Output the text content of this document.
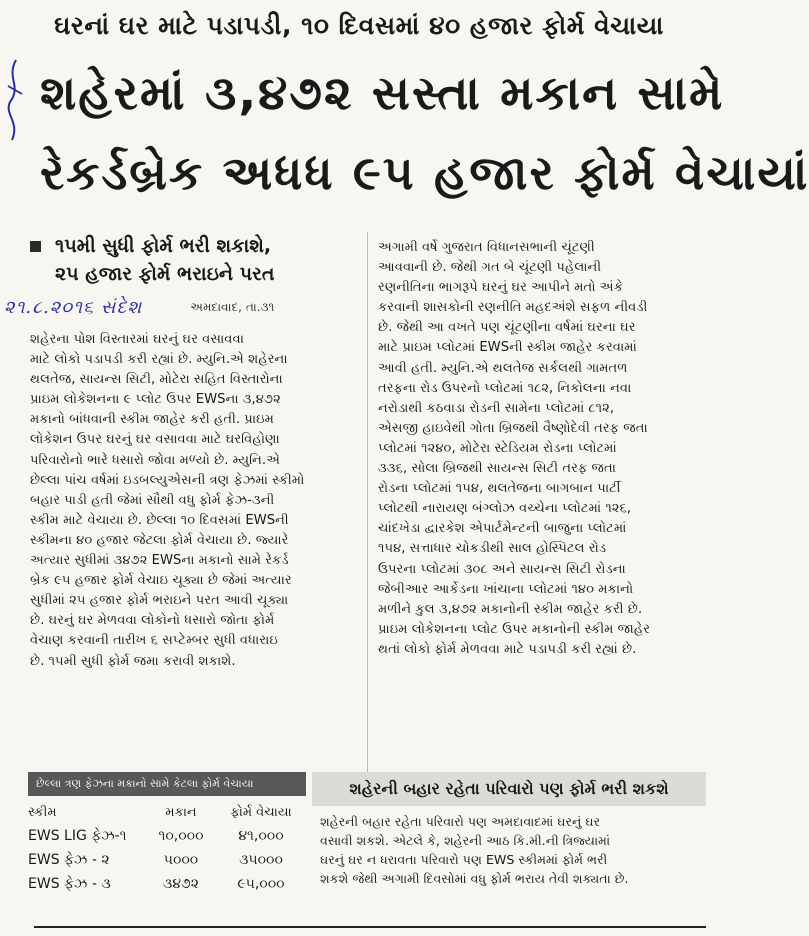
ઘરનાં ઘર માટે પડાપડી, ૧૦ દિવસમાં ૪૦ હજાર ફોર્મ વેચાયા
શહેરમાં ૩,૪૭૨ સસ્તા મકાન સામે
રેકર્ડબ્રેક અધધ ૯૫ હજાર ફોર્મ વેચાયાં
૧૫મી સુધી ફોર્મ ભરી શકાશે,
૨૫ હજાર ફોર્મ ભરાઇને પરત
૨૧.૮.૨૦૧૬ સંદેશ	અમદાવાદ, તા.૩૧
શહેરના પોશ વિસ્તારમાં ઘરનું ઘર વસાવવા
માટે લોકો પડાપડી કરી રહ્યાં છે. મ્યુનિ.એ શહેરના
થલતેજ, સાયન્સ સિટી, મોટેરા સહિત વિસ્તારોના
પ્રાઇમ લોકેશનના ૯ પ્લોટ ઉપર EWSના ૩,૪૭૨
મકાનો બાંધવાની સ્કીમ જાહેર કરી હતી. પ્રાઇમ
લોકેશન ઉપર ઘરનું ઘર વસાવવા માટે ઘરવિહોણા
પરિવારોનો ભારે ધસારો જોવા મળ્યો છે. મ્યુનિ.એ
છેલ્લા પાંચ વર્ષમાં ઇડબલ્યુએસની ત્રણ ફેઝમાં સ્કીમો
બહાર પાડી હતી જેમાં સૌથી વધુ ફોર્મ ફેઝ-૩ની
સ્કીમ માટે વેચાયા છે. છેલ્લા ૧૦ દિવસમાં EWSની
સ્કીમના ૪૦ હજાર જેટલા ફોર્મ વેચાયા છે. જ્યારે
અત્યાર સુધીમાં ૩૪૭૨ EWSના મકાનો સામે રેકર્ડ
બ્રેક ૯૫ હજાર ફોર્મ વેચાઇ ચૂક્યા છે જેમાં અત્યાર
સુધીમાં ૨૫ હજાર ફોર્મ ભરાઇને પરત આવી ચૂક્યા
છે. ઘરનું ઘર મેળવવા લોકોનો ધસારો જોતા ફોર્મ
વેચાણ કરવાની તારીખ ૬ સપ્ટેમ્બર સુધી વધારાઇ
છે. ૧૫મી સુધી ફોર્મ જમા કરાવી શકાશે.
અગામી વર્ષે ગુજરાત વિધાનસભાની ચૂંટણી
આવવાની છે. જેથી ગત બે ચૂંટણી પહેલાની
રણનીતિના ભાગરૂપે ઘરનું ઘર આપીને મતો અંકે
કરવાની શાસકોની રણનીતિ મહદઅંશે સફળ નીવડી
છે. જેથી આ વખતે પણ ચૂંટણીના વર્ષમાં ઘરના ઘર
માટે પ્રાઇમ પ્લોટમાં EWSની સ્કીમ જાહેર કરવામાં
આવી હતી. મ્યુનિ.એ થલતેજ સર્કલથી ગામતળ
તરફના રોડ ઉપરનો પ્લોટમાં ૧૮૨, નિકોલના નવા
નરોડાથી કઠવાડા રોડની સામેના પ્લોટમાં ૮૧૨,
એસજી હાઇવેથી ગોતા બ્રિજથી વૈષ્ણોદેવી તરફ જતા
પ્લોટમાં ૧૨૪૦, મોટેરા સ્ટેડિયમ રોડના પ્લોટમાં
૩૩૬, સોલા બ્રિજથી સાયન્સ સિટી તરફ જતા
રોડના પ્લોટમાં ૧૫૪, થલતેજના બાગબાન પાર્ટી
પ્લોટથી નારાયણ બંગ્લોઝ વચ્ચેના પ્લોટમાં ૧૨૬,
ચાંદખેડા દ્વારકેશ એપાર્ટમેન્ટની બાજુના પ્લોટમાં
૧૫૪, સત્તાધાર ચોકડીથી સાલ હોસ્પિટલ રોડ
ઉપરના પ્લોટમાં ૩૦૮ અને સાયન્સ સિટી રોડના
જેબીઆર આર્કેડના ખાંચાના પ્લોટમાં ૧૪૦ મકાનો
મળીને કુલ ૩,૪૭૨ મકાનોની સ્કીમ જાહેર કરી છે.
પ્રાઇમ લોકેશનના પ્લોટ ઉપર મકાનોની સ્કીમ જાહેર
થતાં લોકો ફોર્મ મેળવવા માટે પડાપડી કરી રહ્યાં છે.
છેલ્લા ત્રણ ફેઝના મકાનો સામે કેટલા ફોર્મ વેચાયા
સ્કીમ	મકાન	ફોર્મ વેચાયા
EWS LIG ફેઝ-૧	૧૦,૦૦૦	૪૧,૦૦૦
EWS ફેઝ - ૨	૫૦૦૦	૩૫૦૦૦
EWS ફેઝ - ૩	૩૪૭૨	૯૫,૦૦૦
શહેરની બહાર રહેતા પરિવારો પણ ફોર્મ ભરી શકશે
શહેરની બહાર રહેતા પરિવારો પણ અમદાવાદમાં ઘરનું ઘર
વસાવી શકશે. એટલે કે, શહેરની આઠ કિ.મી.ની ત્રિજ્યામાં
ઘરનું ઘર ન ધરાવતા પરિવારો પણ EWS સ્કીમમાં ફોર્મ ભરી
શકશે જેથી અગામી દિવસોમાં વધુ ફોર્મ ભરાય તેવી શક્યતા છે.
